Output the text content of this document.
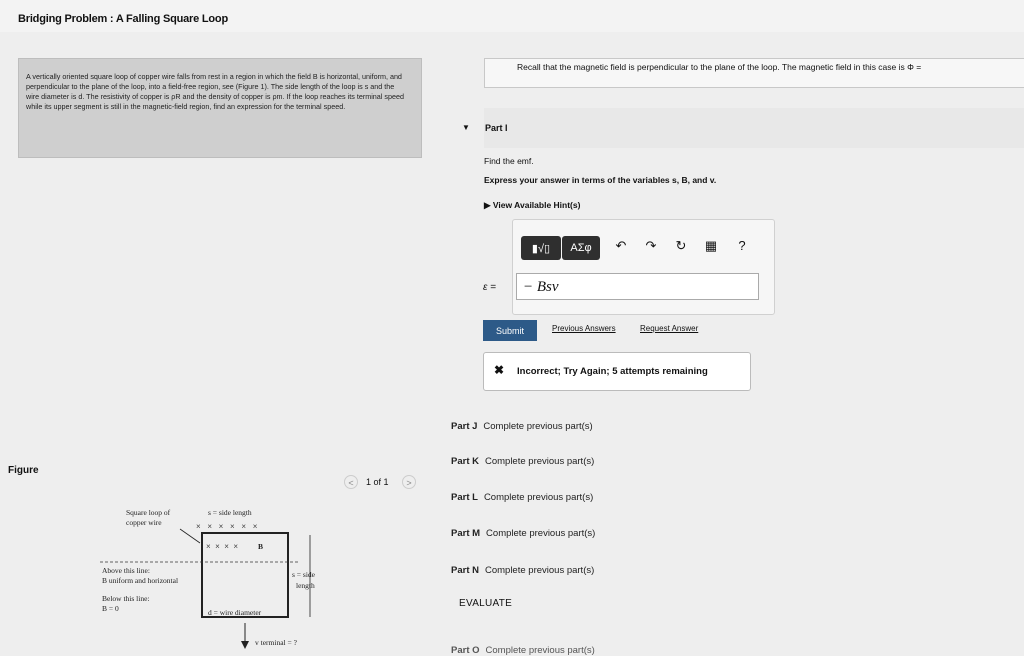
Bridging Problem : A Falling Square Loop
A vertically oriented square loop of copper wire falls from rest in a region in which the field B is horizontal, uniform, and perpendicular to the plane of the loop, into a field-free region, see (Figure 1). The side length of the loop is s and the wire diameter is d. The resistivity of copper is ρR and the density of copper is ρm. If the loop reaches its terminal speed while its upper segment is still in the magnetic-field region, find an expression for the terminal speed.
Recall that the magnetic field is perpendicular to the plane of the loop. The magnetic field in this case is Φ =
▼ Part I
Find the emf.
Express your answer in terms of the variables s, B, and v.
▶ View Available Hint(s)
▮√▯	ΑΣφ	↶ ↷ ↻ ▦	?
ε =	− Bsv
Submit	Previous Answers	Request Answer
✖ Incorrect; Try Again; 5 attempts remaining
Part J Complete previous part(s)
Part K Complete previous part(s)
Part L Complete previous part(s)
Part M Complete previous part(s)
Part N Complete previous part(s)
EVALUATE
Part O Complete previous part(s)
Figure
<	1 of 1	>
Square loop of
copper wire
s = side length
×   ×   ×   ×   ×   ×
×  ×  ×  ×	B
Above this line:
B uniform and horizontal
Below this line:
B = 0
s = side
length
d = wire diameter
v terminal = ?
